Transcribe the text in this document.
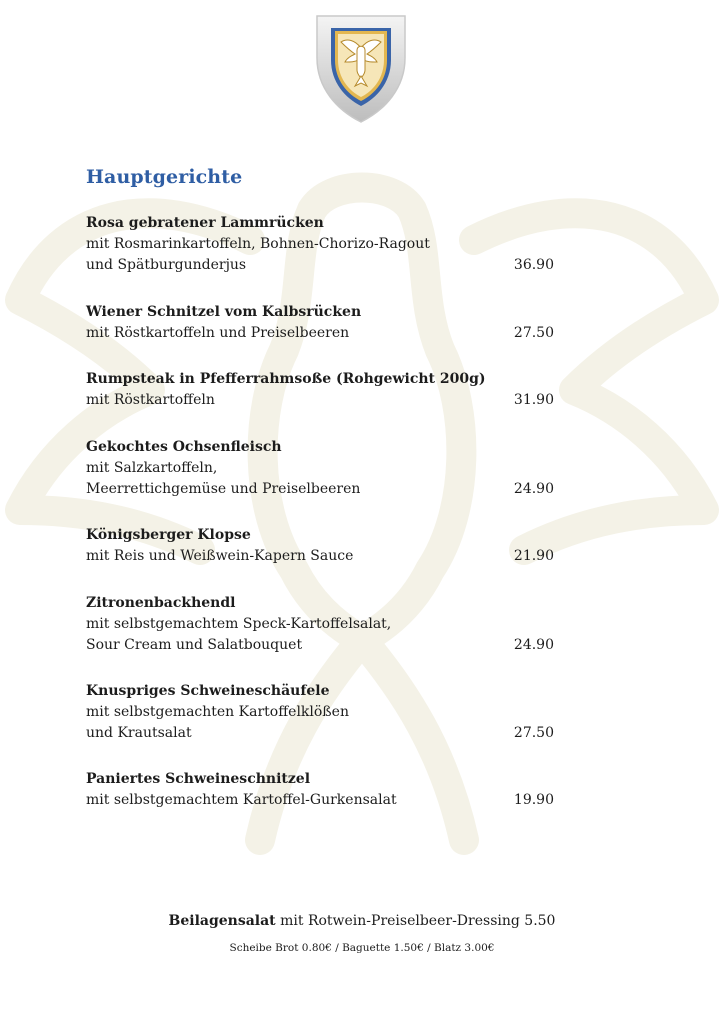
Hauptgerichte
Rosa gebratener Lammrücken
mit Rosmarinkartoffeln, Bohnen-Chorizo-Ragout
und Spätburgunderjus	36.90
Wiener Schnitzel vom Kalbsrücken
mit Röstkartoffeln und Preiselbeeren	27.50
Rumpsteak in Pfefferrahmsoße (Rohgewicht 200g)
mit Röstkartoffeln	31.90
Gekochtes Ochsenfleisch
mit Salzkartoffeln,
Meerrettichgemüse und Preiselbeeren	24.90
Königsberger Klopse
mit Reis und Weißwein-Kapern Sauce	21.90
Zitronenbackhendl
mit selbstgemachtem Speck-Kartoffelsalat,
Sour Cream und Salatbouquet	24.90
Knuspriges Schweineschäufele
mit selbstgemachten Kartoffelklößen
und Krautsalat	27.50
Paniertes Schweineschnitzel
mit selbstgemachtem Kartoffel-Gurkensalat	19.90
Beilagensalat mit Rotwein-Preiselbeer-Dressing 5.50
Scheibe Brot 0.80€ / Baguette 1.50€ / Blatz 3.00€
